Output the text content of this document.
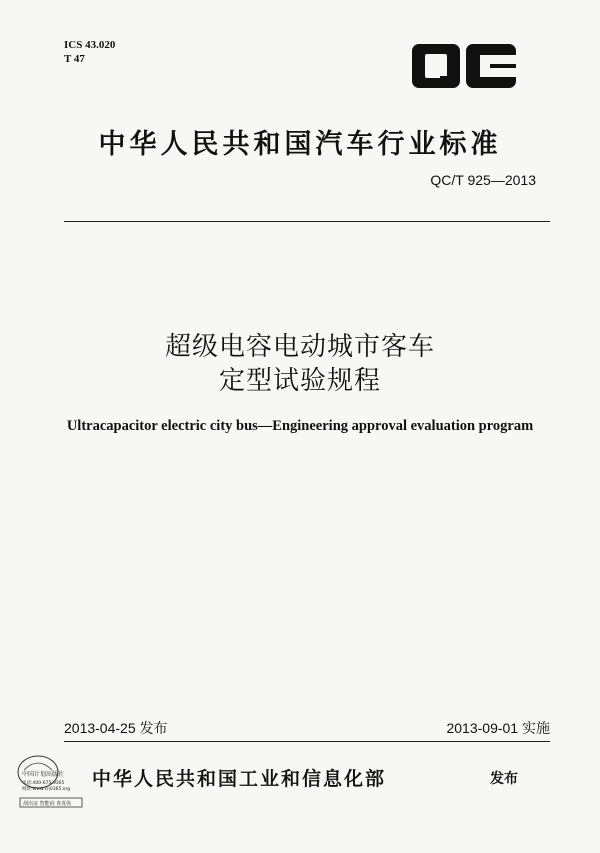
ICS 43.020
T 47
中华人民共和国汽车行业标准
QC/T 925—2013
超级电容电动城市客车
定型试验规程
Ultracapacitor electric city bus—Engineering approval evaluation program
2013-04-25 发布	2013-09-01 实施
中国计划出版社
电话:400-675-9365
网址:www.cn0365.org
刮出证 智能码 查真伪
中华人民共和国工业和信息化部	发布
